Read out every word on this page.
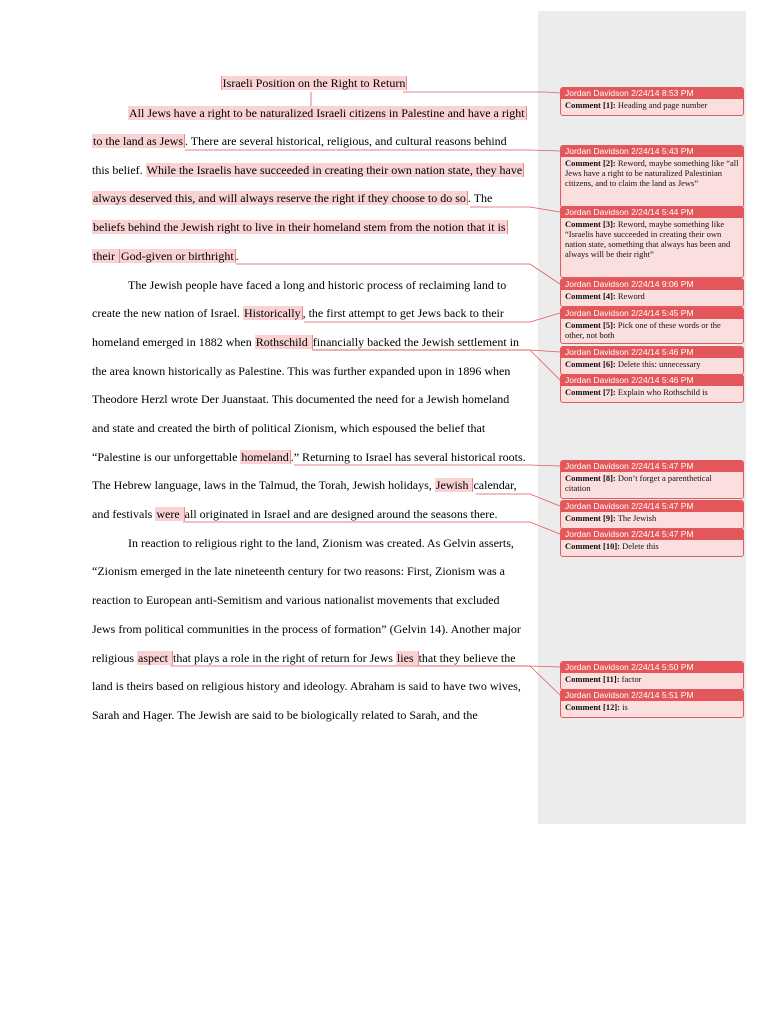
Israeli Position on the Right to Return
All Jews have a right to be naturalized Israeli citizens in Palestine and have a right
to the land as Jews . There are several historical, religious, and cultural reasons behind
this belief. While the Israelis have succeeded in creating their own nation state, they have
always deserved this, and will always reserve the right if they choose to do so . The
beliefs behind the Jewish right to live in their homeland stem from the notion that it is
their God-given or birthright .
The Jewish people have faced a long and historic process of reclaiming land to
create the new nation of Israel. Historically , the first attempt to get Jews back to their
homeland emerged in 1882 when Rothschild financially backed the Jewish settlement in
the area known historically as Palestine. This was further expanded upon in 1896 when
Theodore Herzl wrote Der Juanstaat. This documented the need for a Jewish homeland
and state and created the birth of political Zionism, which espoused the belief that
“Palestine is our unforgettable homeland .” Returning to Israel has several historical roots.
The Hebrew language, laws in the Talmud, the Torah, Jewish holidays, Jewish calendar,
and festivals were all originated in Israel and are designed around the seasons there.
In reaction to religious right to the land, Zionism was created. As Gelvin asserts,
“Zionism emerged in the late nineteenth century for two reasons: First, Zionism was a
reaction to European anti-Semitism and various nationalist movements that excluded
Jews from political communities in the process of formation” (Gelvin 14). Another major
religious aspect that plays a role in the right of return for Jews lies that they believe the
land is theirs based on religious history and ideology. Abraham is said to have two wives,
Sarah and Hager. The Jewish are said to be biologically related to Sarah, and the
Jordan Davidson 2/24/14 8:53 PM
Comment [1]: Heading and page number
Jordan Davidson 2/24/14 5:43 PM
Comment [2]: Reword, maybe something like “all Jews have a right to be naturalized Palestinian citizens, and to claim the land as Jews”
Jordan Davidson 2/24/14 5:44 PM
Comment [3]: Reword, maybe something like “Israelis have succeeded in creating their own nation state, something that always has been and always will be their right”
Jordan Davidson 2/24/14 9:06 PM
Comment [4]: Reword
Jordan Davidson 2/24/14 5:45 PM
Comment [5]: Pick one of these words or the other, not both
Jordan Davidson 2/24/14 5:46 PM
Comment [6]: Delete this: unnecessary
Jordan Davidson 2/24/14 5:46 PM
Comment [7]: Explain who Rothschild is
Jordan Davidson 2/24/14 5:47 PM
Comment [8]: Don’t forget a parenthetical citation
Jordan Davidson 2/24/14 5:47 PM
Comment [9]: The Jewish
Jordan Davidson 2/24/14 5:47 PM
Comment [10]: Delete this
Jordan Davidson 2/24/14 5:50 PM
Comment [11]: factor
Jordan Davidson 2/24/14 5:51 PM
Comment [12]: is
